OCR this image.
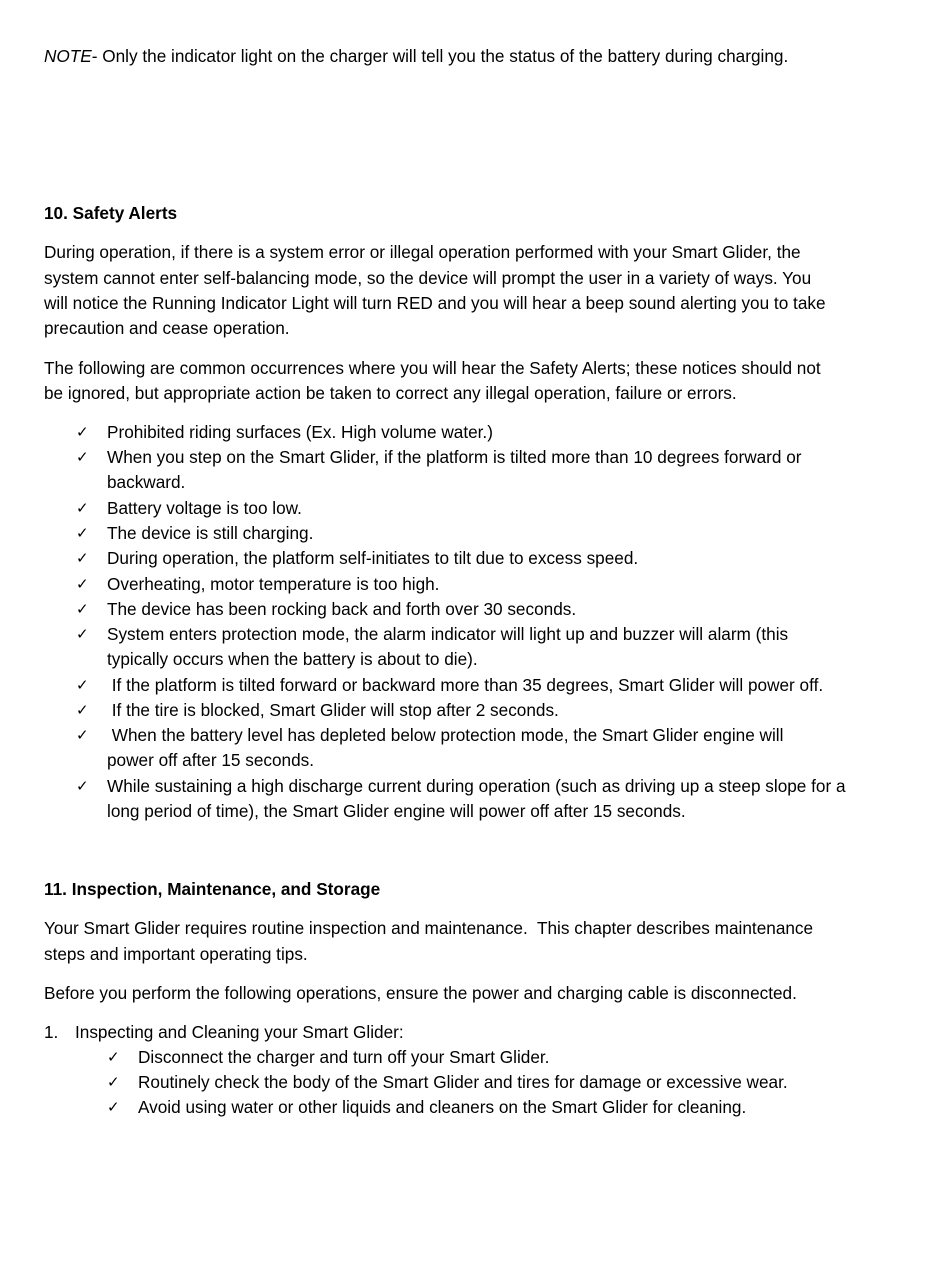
NOTE- Only the indicator light on the charger will tell you the status of the battery during charging.
10. Safety Alerts
During operation, if there is a system error or illegal operation performed with your Smart Glider, the
system cannot enter self-balancing mode, so the device will prompt the user in a variety of ways. You
will notice the Running Indicator Light will turn RED and you will hear a beep sound alerting you to take
precaution and cease operation.
The following are common occurrences where you will hear the Safety Alerts; these notices should not
be ignored, but appropriate action be taken to correct any illegal operation, failure or errors.
✓ Prohibited riding surfaces (Ex. High volume water.)
✓ When you step on the Smart Glider, if the platform is tilted more than 10 degrees forward or
backward.
✓ Battery voltage is too low.
✓ The device is still charging.
✓ During operation, the platform self-initiates to tilt due to excess speed.
✓ Overheating, motor temperature is too high.
✓ The device has been rocking back and forth over 30 seconds.
✓ System enters protection mode, the alarm indicator will light up and buzzer will alarm (this
typically occurs when the battery is about to die).
✓ If the platform is tilted forward or backward more than 35 degrees, Smart Glider will power off.
✓ If the tire is blocked, Smart Glider will stop after 2 seconds.
✓ When the battery level has depleted below protection mode, the Smart Glider engine will
power off after 15 seconds.
✓ While sustaining a high discharge current during operation (such as driving up a steep slope for a
long period of time), the Smart Glider engine will power off after 15 seconds.
11. Inspection, Maintenance, and Storage
Your Smart Glider requires routine inspection and maintenance.  This chapter describes maintenance
steps and important operating tips.
Before you perform the following operations, ensure the power and charging cable is disconnected.
1. Inspecting and Cleaning your Smart Glider:
✓ Disconnect the charger and turn off your Smart Glider.
✓ Routinely check the body of the Smart Glider and tires for damage or excessive wear.
✓ Avoid using water or other liquids and cleaners on the Smart Glider for cleaning.
